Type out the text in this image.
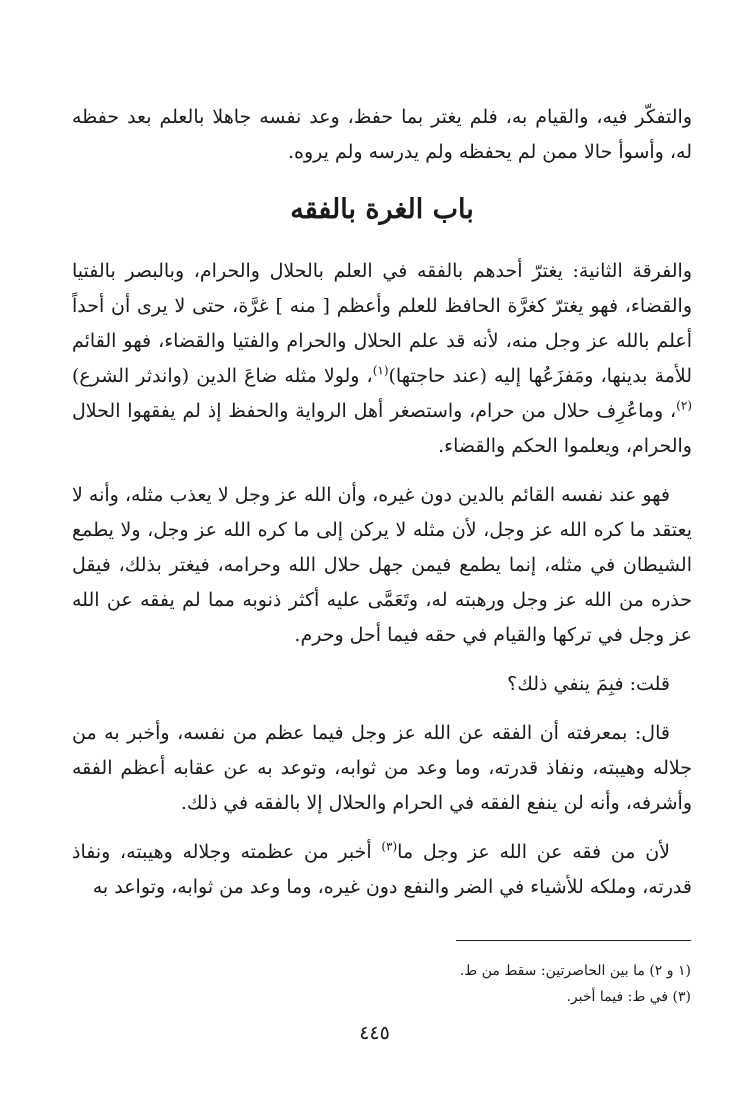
والتفكّر فيه، والقيام به، فلم يغتر بما حفظ، وعد نفسه جاهلا بالعلم بعد حفظه له، وأسوأ حالا ممن لم يحفظه ولم يدرسه ولم يروه.

باب الغرة بالفقه

والفرقة الثانية: يغترّ أحدهم بالفقه في العلم بالحلال والحرام، وبالبصر بالفتيا والقضاء، فهو يغترّ كغرَّة الحافظ للعلم وأعظم [ منه ] غرَّة، حتى لا يرى أن أحداً أعلم بالله عز وجل منه، لأنه قد علم الحلال والحرام والفتيا والقضاء، فهو القائم للأمة بدينها، ومَفزَعُها إليه (عند حاجتها)$^{(١)}$، ولولا مثله ضاعَ الدين (واندثر الشرع)$^{(٢)}$، وماعُرِف حلال من حرام، واستصغر أهل الرواية والحفظ إذ لم يفقهوا الحلال والحرام، ويعلموا الحكم والقضاء.

فهو عند نفسه القائم بالدين دون غيره، وأن الله عز وجل لا يعذب مثله، وأنه لا يعتقد ما كره الله عز وجل، لأن مثله لا يركن إلى ما كره الله عز وجل، ولا يطمع الشيطان في مثله، إنما يطمع فيمن جهل حلال الله وحرامه، فيغتر بذلك، فيقل حذره من الله عز وجل ورهبته له، وتَعَمَّى عليه أكثر ذنوبه مما لم يفقه عن الله عز وجل في تركها والقيام في حقه فيما أحل وحرم.

قلت: فبِمَ ينفي ذلك؟

قال: بمعرفته أن الفقه عن الله عز وجل فيما عظم من نفسه، وأخبر به من جلاله وهيبته، ونفاذ قدرته، وما وعد من ثوابه، وتوعد به عن عقابه أعظم الفقه وأشرفه، وأنه لن ينفع الفقه في الحرام والحلال إلا بالفقه في ذلك.

لأن من فقه عن الله عز وجل ما$^{(٣)}$ أخبر من عظمته وجلاله وهيبته، ونفاذ قدرته، وملكه للأشياء في الضر والنفع دون غيره، وما وعد من ثوابه، وتواعد به

(١ و ٢) ما بين الحاصرتين: سقط من ط.

(٣) في ط: فيما أخبر.

٤٤٥
